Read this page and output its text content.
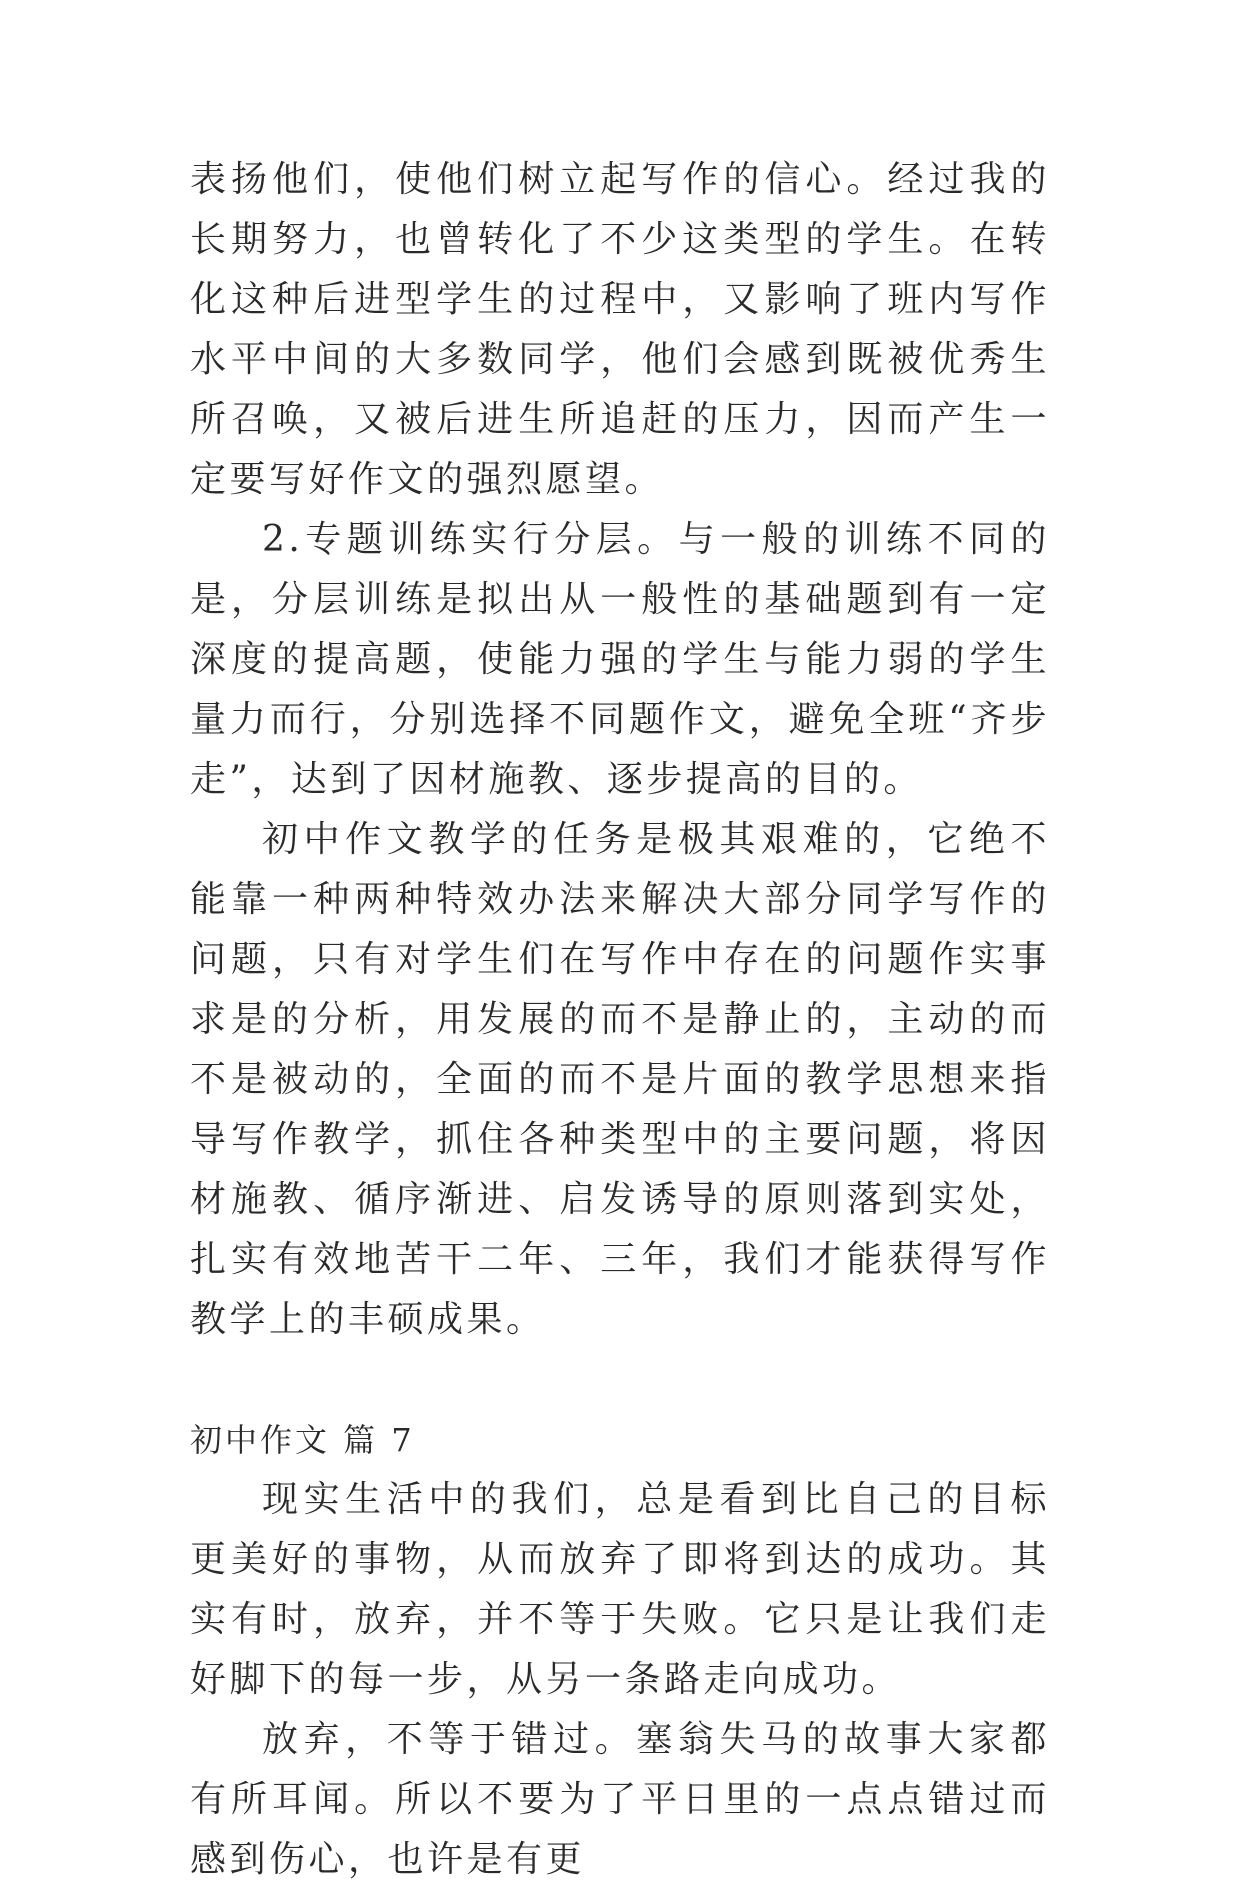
表扬他们，使他们树立起写作的信心。经过我的长期努力，也曾转化了不少这类型的学生。在转化这种后进型学生的过程中，又影响了班内写作水平中间的大多数同学，他们会感到既被优秀生所召唤，又被后进生所追赶的压力，因而产生一定要写好作文的强烈愿望。

2.专题训练实行分层。与一般的训练不同的是，分层训练是拟出从一般性的基础题到有一定深度的提高题，使能力强的学生与能力弱的学生量力而行，分别选择不同题作文，避免全班“齐步走”，达到了因材施教、逐步提高的目的。

初中作文教学的任务是极其艰难的，它绝不能靠一种两种特效办法来解决大部分同学写作的问题，只有对学生们在写作中存在的问题作实事求是的分析，用发展的而不是静止的，主动的而不是被动的，全面的而不是片面的教学思想来指导写作教学，抓住各种类型中的主要问题，将因材施教、循序渐进、启发诱导的原则落到实处，扎实有效地苦干二年、三年，我们才能获得写作教学上的丰硕成果。

初中作文 篇 7

现实生活中的我们，总是看到比自己的目标更美好的事物，从而放弃了即将到达的成功。其实有时，放弃，并不等于失败。它只是让我们走好脚下的每一步，从另一条路走向成功。

放弃，不等于错过。塞翁失马的故事大家都有所耳闻。所以不要为了平日里的一点点错过而感到伤心，也许是有更
